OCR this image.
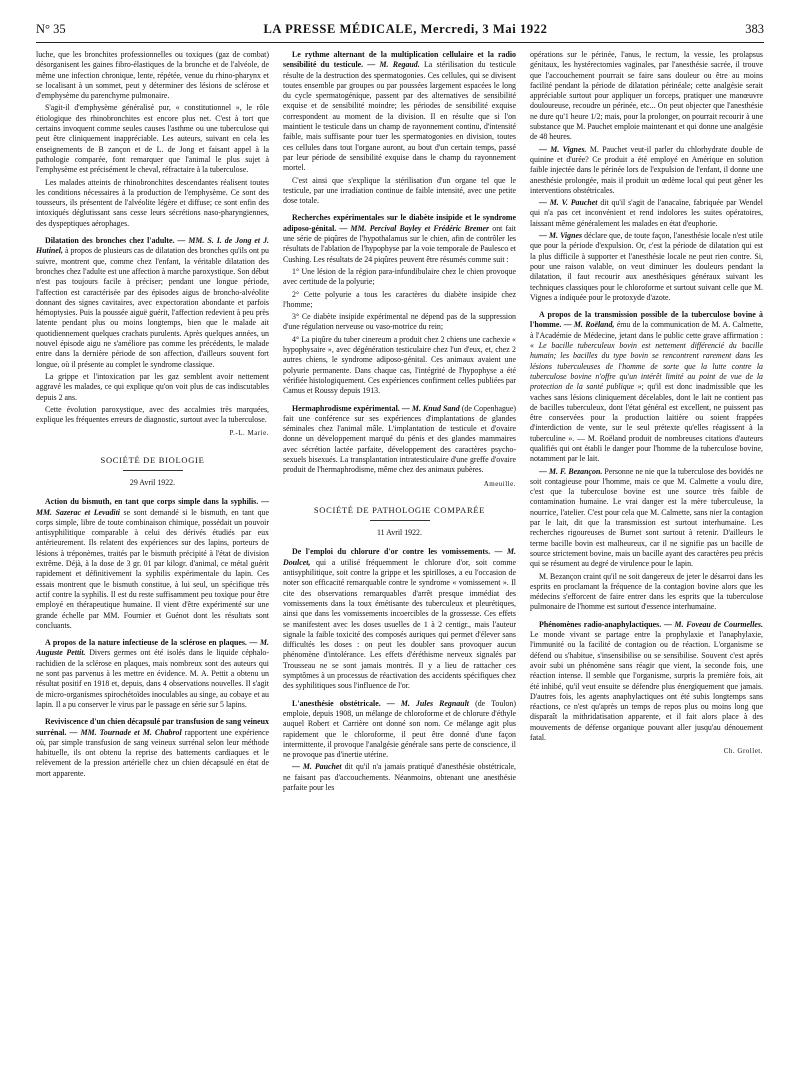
N° 35	LA PRESSE MÉDICALE, Mercredi, 3 Mai 1922	383

luche, que les bronchites professionnelles ou toxiques (gaz de combat) désorganisent les gaines fibro-élastiques de la bronche et de l'alvéole, de même une infection chronique, lente, répétée, venue du rhino-pharynx et se localisant à un sommet, peut y déterminer des lésions de sclérose et d'emphysème du parenchyme pulmonaire.

S'agit-il d'emphysème généralisé pur, « constitutionnel », le rôle étiologique des rhinobronchites est encore plus net. C'est à tort que certains invoquent comme seules causes l'asthme ou une tuberculose qui peut être cliniquement inappréciable. Les auteurs, suivant en cela les enseignements de B zançon et de L. de Jong et faisant appel à la pathologie comparée, font remarquer que l'animal le plus sujet à l'emphysème est précisément le cheval, réfractaire à la tuberculose.

Les malades atteints de rhinobronchites descendantes réalisent toutes les conditions nécessaires à la production de l'emphysème. Ce sont des tousseurs, ils présentent de l'alvéolite légère et diffuse; ce sont enfin des intoxiqués déglutissant sans cesse leurs sécrétions naso-pharyngiennes, des dyspeptiques aérophages.

Dilatation des bronches chez l'adulte. — MM. S. I. de Jong et J. Hutinel, à propos de plusieurs cas de dilatation des bronches qu'ils ont pu suivre, montrent que, comme chez l'enfant, la véritable dilatation des bronches chez l'adulte est une affection à marche paroxystique. Son début n'est pas toujours facile à préciser; pendant une longue période, l'affection est caractérisée par des épisodes aigus de broncho-alvéolite donnant des signes cavitaires, avec expectoration abondante et parfois hémoptysies. Puis la poussée aiguë guérit, l'affection redevient à peu près latente pendant plus ou moins longtemps, bien que le malade ait quotidiennement quelques crachats purulents. Après quelques années, un nouvel épisode aigu ne s'améliore pas comme les précédents, le malade entre dans la dernière période de son affection, d'ailleurs souvent fort longue, où il présente au complet le syndrome classique.

La grippe et l'intoxication par les gaz semblent avoir nettement aggravé les malades, ce qui explique qu'on voit plus de cas indiscutables depuis 2 ans.

Cette évolution paroxystique, avec des accalmies très marquées, explique les fréquentes erreurs de diagnostic, surtout avec la tuberculose.

P.-L. Marie.

SOCIÉTÉ DE BIOLOGIE

29 Avril 1922.

Action du bismuth, en tant que corps simple dans la syphilis. — MM. Sazerac et Levaditi se sont demandé si le bismuth, en tant que corps simple, libre de toute combinaison chimique, possédait un pouvoir antisyphilitique comparable à celui des dérivés étudiés par eux antérieurement. Ils relatent des expériences sur des lapins, porteurs de lésions à tréponèmes, traités par le bismuth précipité à l'état de division extrême. Déjà, à la dose de 3 gr. 01 par kilogr. d'animal, ce métal guérit rapidement et définitivement la syphilis expérimentale du lapin. Ces essais montrent que le bismuth constitue, à lui seul, un spécifique très actif contre la syphilis. Il est du reste suffisamment peu toxique pour être employé en thérapeutique humaine. Il vient d'être expérimenté sur une grande échelle par MM. Fournier et Guénot dont les résultats sont concluants.

A propos de la nature infectieuse de la sclérose en plaques. — M. Auguste Pettit. Divers germes ont été isolés dans le liquide céphalo-rachidien de la sclérose en plaques, mais nombreux sont des auteurs qui ne sont pas parvenus à les mettre en évidence. M. A. Pettit a obtenu un résultat positif en 1918 et, depuis, dans 4 observations nouvelles. Il s'agit de micro-organismes spirochétoïdes inoculables au singe, au cobaye et au lapin. Il a pu conserver le virus par le passage en série sur 5 lapins.

Reviviscence d'un chien décapsulé par transfusion de sang veineux surrénal. — MM. Tournade et M. Chabrol rapportent une expérience où, par simple transfusion de sang veineux surrénal selon leur méthode habituelle, ils ont obtenu la reprise des battements cardiaques et le relèvement de la pression artérielle chez un chien décapsulé en état de mort apparente.

Le rythme alternant de la multiplication cellulaire et la radio sensibilité du testicule. — M. Regaud. La stérilisation du testicule résulte de la destruction des spermatogonies. Ces cellules, qui se divisent toutes ensemble par groupes ou par poussées largement espacées le long du cycle spermatogénique, passent par des alternatives de sensibilité exquise et de sensibilité moindre; les périodes de sensibilité exquise correspondent au moment de la division. Il en résulte que si l'on maintient le testicule dans un champ de rayonnement continu, d'intensité faible, mais suffisante pour tuer les spermatogonies en division, toutes ces cellules dans tout l'organe auront, au bout d'un certain temps, passé par leur période de sensibilité exquise dans le champ du rayonnement mortel.

C'est ainsi que s'explique la stérilisation d'un organe tel que le testicule, par une irradiation continue de faible intensité, avec une petite dose totale.

Recherches expérimentales sur le diabète insipide et le syndrome adiposo-génital. — MM. Percival Bayley et Frédéric Bremer ont fait une série de piqûres de l'hypothalamus sur le chien, afin de contrôler les résultats de l'ablation de l'hypophyse par la voie temporale de Paulesco et Cushing. Les résultats de 24 piqûres peuvent être résumés comme suit :

1° Une lésion de la région para-infundibulaire chez le chien provoque avec certitude de la polyurie;

2° Cette polyurie a tous les caractères du diabète insipide chez l'homme;

3° Ce diabète insipide expérimental ne dépend pas de la suppression d'une régulation nerveuse ou vaso-motrice du rein;

4° La piqûre du tuber cinereum a produit chez 2 chiens une cachexie « hypophysaire », avec dégénération testiculaire chez l'un d'eux, et, chez 2 autres chiens, le syndrome adiposo-génital. Ces animaux avaient une polyurie permanente. Dans chaque cas, l'intégrité de l'hypophyse a été vérifiée histologiquement. Ces expériences confirment celles publiées par Camus et Roussy depuis 1913.

Hermaphrodisme expérimental. — M. Knud Sand (de Copenhague) fait une conférence sur ses expériences d'implantations de glandes séminales chez l'animal mâle. L'implantation de testicule et d'ovaire donne un développement marqué du pénis et des glandes mammaires avec sécrétion lactée parfaite, développement des caractères psycho-sexuels bisexués. La transplantation intratesticulaire d'une greffe d'ovaire produit de l'hermaphrodisme, même chez des animaux pubères.

Ameuille.

SOCIÉTÉ DE PATHOLOGIE COMPARÉE

11 Avril 1922.

De l'emploi du chlorure d'or contre les vomissements. — M. Doulcet, qui a utilisé fréquemment le chlorure d'or, soit comme antisyphilitique, soit contre la grippe et les spirilloses, a eu l'occasion de noter son efficacité remarquable contre le syndrome « vomissement ». Il cite des observations remarquables d'arrêt presque immédiat des vomissements dans la toux émétisante des tuberculeux et pleurétiques, ainsi que dans les vomissements incoercibles de la grossesse. Ces effets se manifestent avec les doses usuelles de 1 à 2 centigr., mais l'auteur signale la faible toxicité des composés auriques qui permet d'élever sans difficultés les doses : on peut les doubler sans provoquer aucun phénomène d'intolérance. Les effets d'éréthisme nerveux signalés par Trousseau ne se sont jamais montrés. Il y a lieu de rattacher ces symptômes à un processus de réactivation des accidents spécifiques chez des syphilitiques sous l'influence de l'or.

L'anesthésie obstétricale. — M. Jules Regnault (de Toulon) emploie, depuis 1908, un mélange de chloroforme et de chlorure d'éthyle auquel Robert et Carrière ont donné son nom. Ce mélange agit plus rapidement que le chloroforme, il peut être donné d'une façon intermittente, il provoque l'analgésie générale sans perte de conscience, il ne provoque pas d'inertie utérine.

— M. Pauchet dit qu'il n'a jamais pratiqué d'anesthésie obstétricale, ne faisant pas d'accouchements. Néanmoins, obtenant une anesthésie parfaite pour les

opérations sur le périnée, l'anus, le rectum, la vessie, les prolapsus génitaux, les hystérectomies vaginales, par l'anesthésie sacrée, il trouve que l'accouchement pourrait se faire sans douleur ou être au moins facilité pendant la période de dilatation périnéale; cette analgésie serait appréciable surtout pour appliquer un forceps, pratiquer une manœuvre douloureuse, recoudre un périnée, etc... On peut objecter que l'anesthésie ne dure qu'1 heure 1/2; mais, pour la prolonger, on pourrait recourir à une substance que M. Pauchet emploie maintenant et qui donne une analgésie de 48 heures.

— M. Vignes. M. Pauchet veut-il parler du chlorhydrate double de quinine et d'urée? Ce produit a été employé en Amérique en solution faible injectée dans le périnée lors de l'expulsion de l'enfant, il donne une anesthésie prolongée, mais il produit un œdème local qui peut gêner les interventions obstétricales.

— M. V. Pauchet dit qu'il s'agit de l'anacaïne, fabriquée par Wendel qui n'a pas cet inconvénient et rend indolores les suites opératoires, laissant même généralement les malades en état d'euphorie.

— M. Vignes déclare que, de toute façon, l'anesthésie locale n'est utile que pour la période d'expulsion. Or, c'est la période de dilatation qui est la plus difficile à supporter et l'anesthésie locale ne peut rien contre. Si, pour une raison valable, on veut diminuer les douleurs pendant la dilatation, il faut recourir aux anesthésiques généraux suivant les techniques classiques pour le chloroforme et surtout suivant celle que M. Vignes a indiquée pour le protoxyde d'azote.

A propos de la transmission possible de la tuberculose bovine à l'homme. — M. Roëland, ému de la communication de M. A. Calmette, à l'Académie de Médecine, jetant dans le public cette grave affirmation : « Le bacille tuberculeux bovin est nettement différencié du bacille humain; les bacilles du type bovin se rencontrent rarement dans les lésions tuberculeuses de l'homme de sorte que la lutte contre la tuberculose bovine n'offre qu'un intérêt limité au point de vue de la protection de la santé publique »; qu'il est donc inadmissible que les vaches sans lésions cliniquement décelables, dont le lait ne contient pas de bacilles tuberculeux, dont l'état général est excellent, ne puissent pas être conservées pour la production laitière ou soient frappées d'interdiction de vente, sur le seul prétexte qu'elles réagissent à la tuberculine ». — M. Roëland produit de nombreuses citations d'auteurs qualifiés qui ont établi le danger pour l'homme de la tuberculose bovine, notamment par le lait.

— M. F. Bezançon. Personne ne nie que la tuberculose des bovidés ne soit contagieuse pour l'homme, mais ce que M. Calmette a voulu dire, c'est que la tuberculose bovine est une source très faible de contamination humaine. Le vrai danger est la mère tuberculeuse, la nourrice, l'atelier. C'est pour cela que M. Calmette, sans nier la contagion par le lait, dit que la transmission est surtout interhumaine. Les recherches rigoureuses de Burnet sont surtout à retenir. D'ailleurs le terme bacille bovin est malheureux, car il ne signifie pas un bacille de source strictement bovine, mais un bacille ayant des caractères peu précis qui se résument au degré de virulence pour le lapin.

M. Bezançon craint qu'il ne soit dangereux de jeter le désarroi dans les esprits en proclamant la fréquence de la contagion bovine alors que les médecins s'efforcent de faire entrer dans les esprits que la tuberculose pulmonaire de l'homme est surtout d'essence interhumaine.

Phénomènes radio-anaphylactiques. — M. Foveau de Courmelles. Le monde vivant se partage entre la prophylaxie et l'anaphylaxie, l'immunité ou la facilité de contagion ou de réaction. L'organisme se défend ou s'habitue, s'insensibilise ou se sensibilise. Souvent c'est après avoir subi un phénomène sans réagir que vient, la seconde fois, une réaction intense. Il semble que l'organisme, surpris la première fois, ait été inhibé, qu'il veut ensuite se défendre plus énergiquement que jamais. D'autres fois, les agents anaphylactiques ont été subis longtemps sans réactions, ce n'est qu'après un temps de repos plus ou moins long que disparaît la mithridatisation apparente, et il fait alors place à des mouvements de défense organique pouvant aller jusqu'au dénouement fatal.

Ch. Grollet.
